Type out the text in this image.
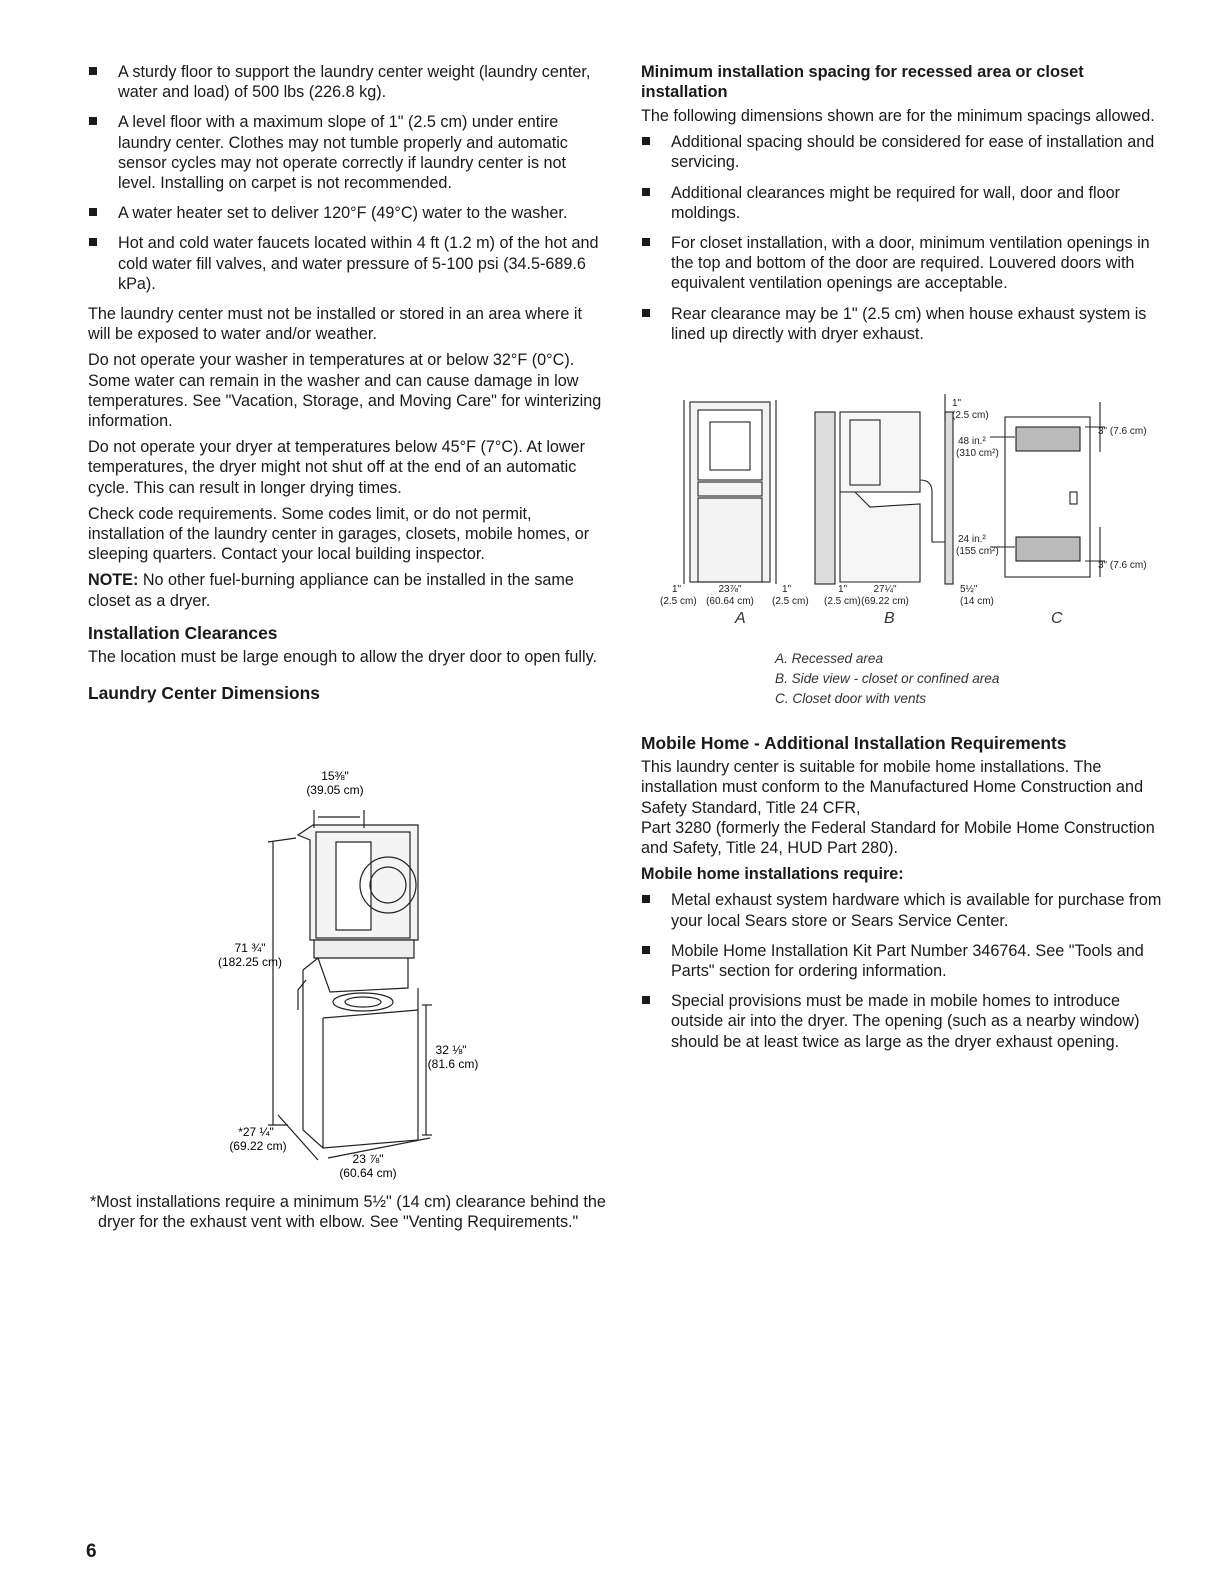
A sturdy floor to support the laundry center weight (laundry center, water and load) of 500 lbs (226.8 kg).
A level floor with a maximum slope of 1" (2.5 cm) under entire laundry center. Clothes may not tumble properly and automatic sensor cycles may not operate correctly if laundry center is not level. Installing on carpet is not recommended.
A water heater set to deliver 120°F (49°C) water to the washer.
Hot and cold water faucets located within 4 ft (1.2 m) of the hot and cold water fill valves, and water pressure of 5-100 psi (34.5-689.6 kPa).

The laundry center must not be installed or stored in an area where it will be exposed to water and/or weather.

Do not operate your washer in temperatures at or below 32°F (0°C). Some water can remain in the washer and can cause damage in low temperatures. See "Vacation, Storage, and Moving Care" for winterizing information.

Do not operate your dryer at temperatures below 45°F (7°C). At lower temperatures, the dryer might not shut off at the end of an automatic cycle. This can result in longer drying times.

Check code requirements. Some codes limit, or do not permit, installation of the laundry center in garages, closets, mobile homes, or sleeping quarters. Contact your local building inspector.

NOTE: No other fuel-burning appliance can be installed in the same closet as a dryer.

Installation Clearances

The location must be large enough to allow the dryer door to open fully.

Laundry Center Dimensions
15⅜"
(39.05 cm)
71 ¾"
(182.25 cm)
32 ⅛"
(81.6 cm)
*27 ¼"
(69.22 cm)
23 ⅞"
(60.64 cm)

*Most installations require a minimum 5½" (14 cm) clearance behind the dryer for the exhaust vent with elbow. See "Venting Requirements."

Minimum installation spacing for recessed area or closet installation

The following dimensions shown are for the minimum spacings allowed.

Additional spacing should be considered for ease of installation and servicing.
Additional clearances might be required for wall, door and floor moldings.
For closet installation, with a door, minimum ventilation openings in the top and bottom of the door are required. Louvered doors with equivalent ventilation openings are acceptable.
Rear clearance may be 1" (2.5 cm) when house exhaust system is lined up directly with dryer exhaust.
1"
(2.5 cm)
23⅞"
(60.64 cm)
1"
(2.5 cm)
1"
(2.5 cm)
27¼"
(69.22 cm)
1"
(2.5 cm)
48 in.²
(310 cm²)
24 in.²
(155 cm²)
5½"
(14 cm)
3" (7.6 cm)
3" (7.6 cm)
A	B	C
A. Recessed area
B. Side view - closet or confined area
C. Closet door with vents
Mobile Home - Additional Installation Requirements

This laundry center is suitable for mobile home installations. The installation must conform to the Manufactured Home Construction and Safety Standard, Title 24 CFR,

Part 3280 (formerly the Federal Standard for Mobile Home Construction and Safety, Title 24, HUD Part 280).

Mobile home installations require:
Metal exhaust system hardware which is available for purchase from your local Sears store or Sears Service Center.
Mobile Home Installation Kit Part Number 346764. See "Tools and Parts" section for ordering information.
Special provisions must be made in mobile homes to introduce outside air into the dryer. The opening (such as a nearby window) should be at least twice as large as the dryer exhaust opening.
6
